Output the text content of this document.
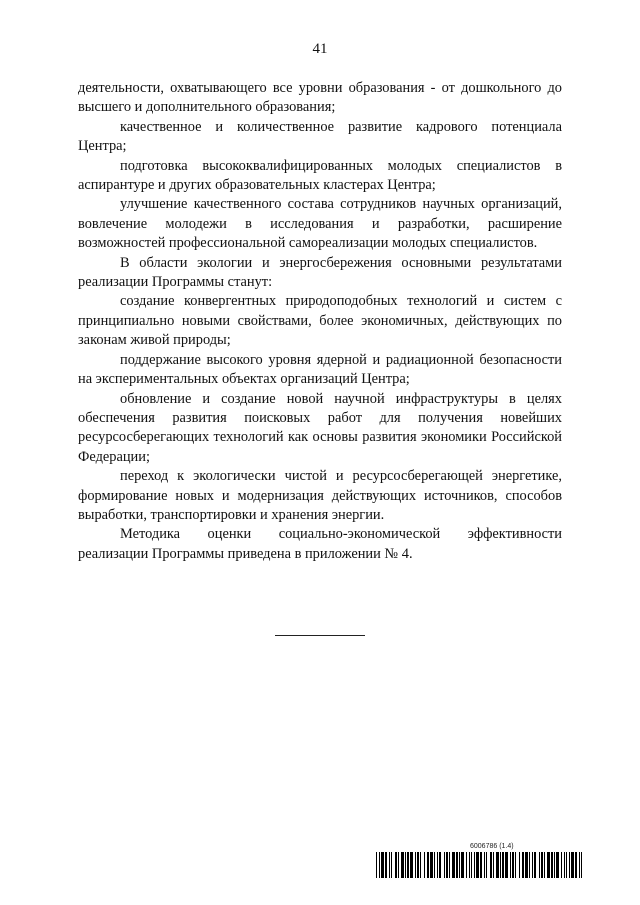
41

деятельности, охватывающего все уровни образования - от дошкольного до высшего и дополнительного образования;

качественное и количественное развитие кадрового потенциала Центра;

подготовка высококвалифицированных молодых специалистов в аспирантуре и других образовательных кластерах Центра;

улучшение качественного состава сотрудников научных организаций, вовлечение молодежи в исследования и разработки, расширение возможностей профессиональной самореализации молодых специалистов.

В области экологии и энергосбережения основными результатами реализации Программы станут:

создание конвергентных природоподобных технологий и систем с принципиально новыми свойствами, более экономичных, действующих по законам живой природы;

поддержание высокого уровня ядерной и радиационной безопасности на экспериментальных объектах организаций Центра;

обновление и создание новой научной инфраструктуры в целях обеспечения развития поисковых работ для получения новейших ресурсосберегающих технологий как основы развития экономики Российской Федерации;

переход к экологически чистой и ресурсосберегающей энергетике, формирование новых и модернизация действующих источников, способов выработки, транспортировки и хранения энергии.

Методика оценки социально-экономической эффективности реализации Программы приведена в приложении № 4.

6006786 (1.4)
